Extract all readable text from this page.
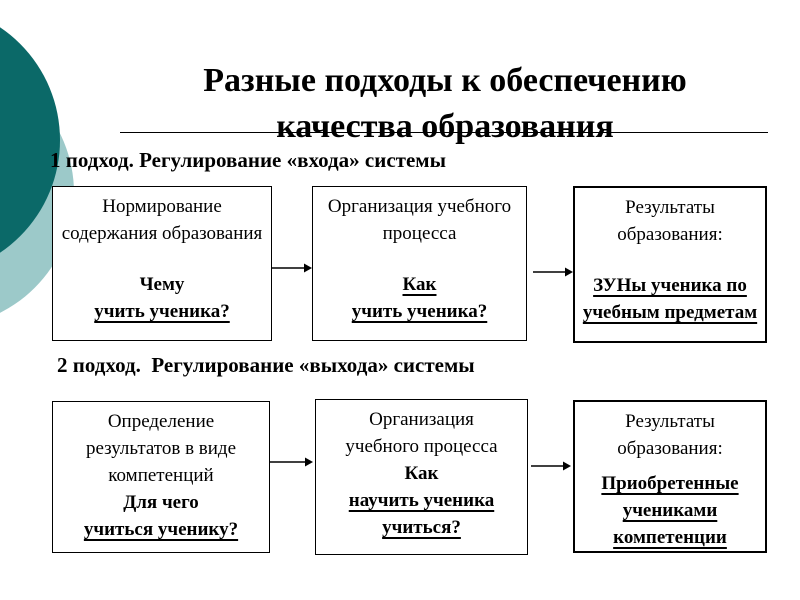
Разные подходы к обеспечению
качества образования
1 подход. Регулирование «входа» системы
Нормирование
содержания образования
Чему
учить ученика?
Организация учебного
процесса
Как
учить ученика?
Результаты
образования:
ЗУНы ученика по
учебным предметам
2 подход.  Регулирование «выхода» системы
Определение
результатов в виде
компетенций
Для чего
учиться ученику?
Организация
учебного процесса
Как
научить ученика
учиться?
Результаты
образования:
Приобретенные
учениками
компетенции
